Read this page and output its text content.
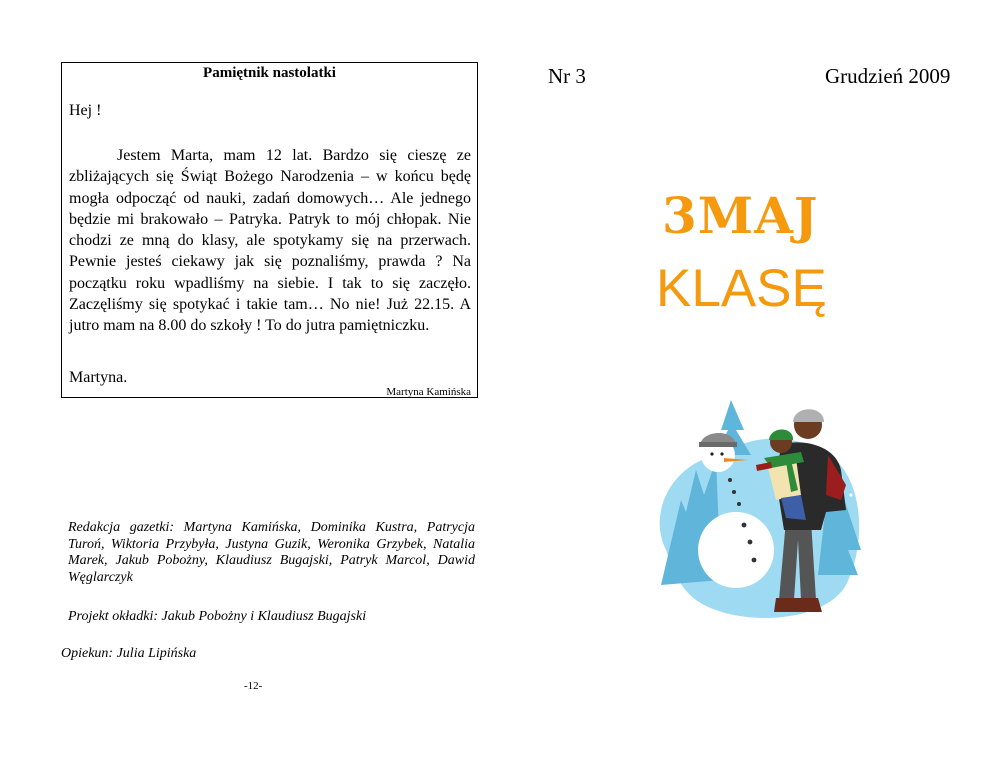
Pamiętnik nastolatki
Hej !

Jestem Marta, mam 12 lat. Bardzo się cieszę ze zbliżających się Świąt Bożego Narodzenia – w końcu będę mogła odpocząć od nauki, zadań domowych… Ale jednego będzie mi brakowało – Patryka. Patryk to mój chłopak. Nie chodzi ze mną do klasy, ale spotykamy się na przerwach. Pewnie jesteś ciekawy jak się poznaliśmy, prawda ? Na początku roku wpadliśmy na siebie. I tak to się zaczęło. Zaczęliśmy się spotykać i takie tam… No nie! Już 22.15. A jutro mam na 8.00 do szkoły ! To do jutra pamiętniczku.

Martyna.
Martyna Kamińska

Redakcja gazetki: Martyna Kamińska, Dominika Kustra, Patrycja Turoń, Wiktoria Przybyła, Justyna Guzik, Weronika Grzybek, Natalia Marek, Jakub Pobożny, Klaudiusz Bugajski, Patryk Marcol, Dawid Węglarczyk

Projekt okładki: Jakub Pobożny i Klaudiusz Bugajski
Opiekun: Julia Lipińska
-12-
Nr 3	Grudzień 2009
3MAJ
KLASĘ
